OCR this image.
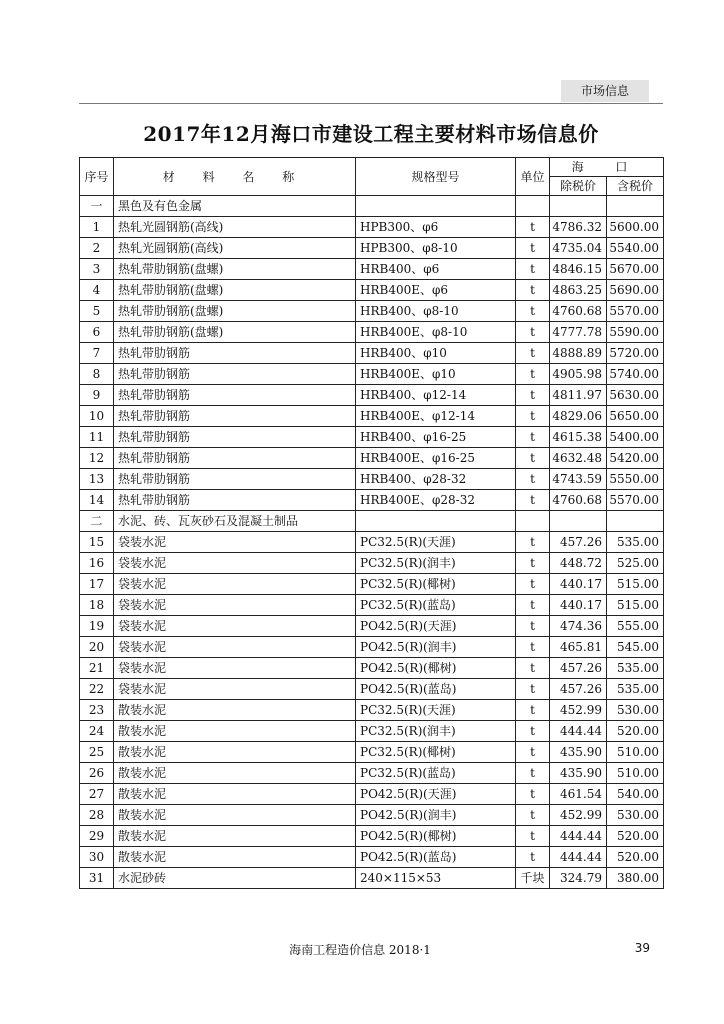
市场信息
2017年12月海口市建设工程主要材料市场信息价
序号	材 料 名 称	规格型号	单位	海 口	
				除税价	含税价
一	黑色及有色金属				
1	热轧光圆钢筋(高线)	HPB300、φ6	t	4786.32	5600.00
2	热轧光圆钢筋(高线)	HPB300、φ8-10	t	4735.04	5540.00
3	热轧带肋钢筋(盘螺)	HRB400、φ6	t	4846.15	5670.00
4	热轧带肋钢筋(盘螺)	HRB400E、φ6	t	4863.25	5690.00
5	热轧带肋钢筋(盘螺)	HRB400、φ8-10	t	4760.68	5570.00
6	热轧带肋钢筋(盘螺)	HRB400E、φ8-10	t	4777.78	5590.00
7	热轧带肋钢筋	HRB400、φ10	t	4888.89	5720.00
8	热轧带肋钢筋	HRB400E、φ10	t	4905.98	5740.00
9	热轧带肋钢筋	HRB400、φ12-14	t	4811.97	5630.00
10	热轧带肋钢筋	HRB400E、φ12-14	t	4829.06	5650.00
11	热轧带肋钢筋	HRB400、φ16-25	t	4615.38	5400.00
12	热轧带肋钢筋	HRB400E、φ16-25	t	4632.48	5420.00
13	热轧带肋钢筋	HRB400、φ28-32	t	4743.59	5550.00
14	热轧带肋钢筋	HRB400E、φ28-32	t	4760.68	5570.00
二	水泥、砖、瓦灰砂石及混凝土制品				
15	袋装水泥	PC32.5(R)(天涯)	t	457.26	535.00
16	袋装水泥	PC32.5(R)(润丰)	t	448.72	525.00
17	袋装水泥	PC32.5(R)(椰树)	t	440.17	515.00
18	袋装水泥	PC32.5(R)(蓝岛)	t	440.17	515.00
19	袋装水泥	PO42.5(R)(天涯)	t	474.36	555.00
20	袋装水泥	PO42.5(R)(润丰)	t	465.81	545.00
21	袋装水泥	PO42.5(R)(椰树)	t	457.26	535.00
22	袋装水泥	PO42.5(R)(蓝岛)	t	457.26	535.00
23	散装水泥	PC32.5(R)(天涯)	t	452.99	530.00
24	散装水泥	PC32.5(R)(润丰)	t	444.44	520.00
25	散装水泥	PC32.5(R)(椰树)	t	435.90	510.00
26	散装水泥	PC32.5(R)(蓝岛)	t	435.90	510.00
27	散装水泥	PO42.5(R)(天涯)	t	461.54	540.00
28	散装水泥	PO42.5(R)(润丰)	t	452.99	530.00
29	散装水泥	PO42.5(R)(椰树)	t	444.44	520.00
30	散装水泥	PO42.5(R)(蓝岛)	t	444.44	520.00
31	水泥砂砖	240×115×53	千块	324.79	380.00
海南工程造价信息 2018·1	39
